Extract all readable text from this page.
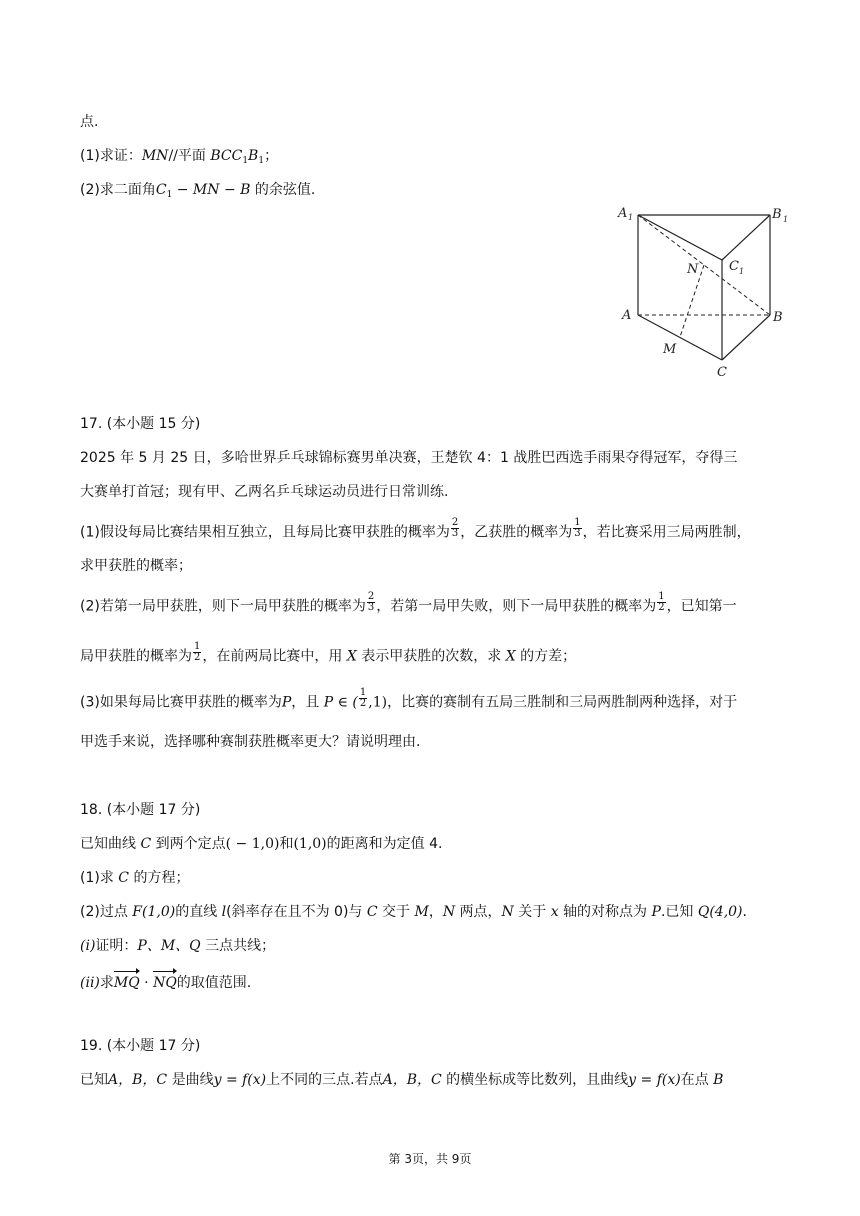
点.
(1)求证：MN//平面 $BCC_1B_1$；
(2)求二面角$C_1$ − MN − B 的余弦值.
A 1	B 1
N C 1
A	B
M
C
17. (本小题 15 分)
2025 年 5 月 25 日，多哈世界乒乓球锦标赛男单决赛，王楚钦 4：1 战胜巴西选手雨果夺得冠军，夺得三
大赛单打首冠；现有甲、乙两名乒乓球运动员进行日常训练.
(1)假设每局比赛结果相互独立，且每局比赛甲获胜的概率为 $\frac{2}{3}$ ，乙获胜的概率为 $\frac{1}{3}$ ，若比赛采用三局两胜制，
求甲获胜的概率；
(2)若第一局甲获胜，则下一局甲获胜的概率为 $\frac{2}{3}$ ，若第一局甲失败，则下一局甲获胜的概率为 $\frac{1}{2}$ ，已知第一
局甲获胜的概率为 $\frac{1}{2}$ ，在前两局比赛中，用 X 表示甲获胜的次数，求 X 的方差；
(3)如果每局比赛甲获胜的概率为P，且 P ∈ ( $\frac{1}{2} ,1$)，比赛的赛制有五局三胜制和三局两胜制两种选择，对于
甲选手来说，选择哪种赛制获胜概率更大？请说明理由.
18. (本小题 17 分)
已知曲线 C 到两个定点( − 1,0)和(1,0)的距离和为定值 4.
(1)求 C 的方程；
(2)过点 F(1,0)的直线 l(斜率存在且不为 0)与 C 交于 M，N 两点，N 关于 x 轴的对称点为 P.已知 Q(4,0).
(i)证明：P、M、Q 三点共线；
(ii)求MQ · NQ的取值范围.
19. (本小题 17 分)
已知A，B，C 是曲线y = f(x)上不同的三点.若点A，B，C 的横坐标成等比数列，且曲线y = f(x)在点 B
第 3页，共 9页
